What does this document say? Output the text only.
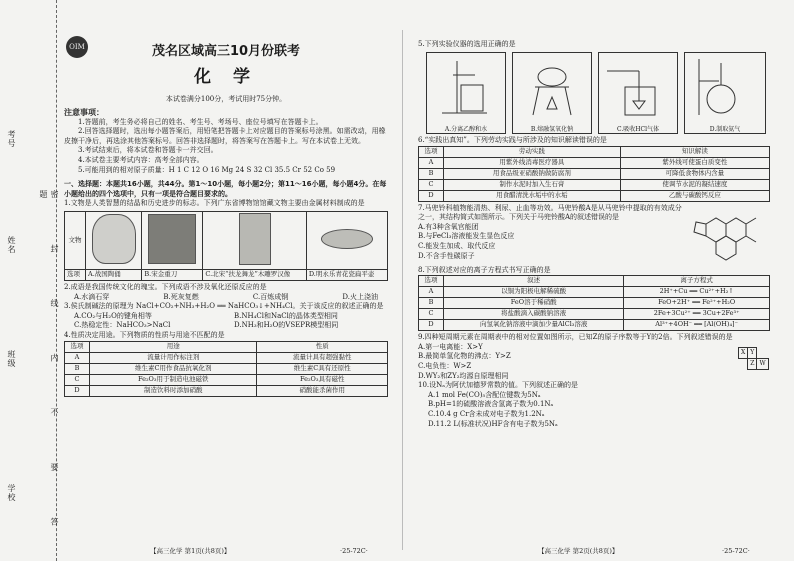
考号
姓名
班级
学校	密 封 线 内 不 要 答 题
OIM	茂名区域高三10月份联考
化 学
本试卷满分100分，考试用时75分钟。

注意事项：

1.答题前，考生务必将自己的姓名、考生号、考场号、座位号填写在答题卡上。

2.回答选择题时，选出每小题答案后，用铅笔把答题卡上对应题目的答案标号涂黑。如需改动，用橡皮擦干净后，再选涂其他答案标号。回答非选择题时，将答案写在答题卡上。写在本试卷上无效。

3.考试结束后，将本试卷和答题卡一并交回。

4.本试卷主要考试内容：高考全部内容。

5.可能用到的相对原子质量：H 1 C 12 O 16 Mg 24 S 32 Cl 35.5 Cr 52 Co 59

一、选择题：本题共16小题，共44分。第1～10小题，每小题2分；第11～16小题，每小题4分。在每小题给出的四个选项中，只有一项是符合题目要求的。

1.文物是人类智慧的结晶和历史进步的标志。下列广东省博物馆馆藏文物主要由金属材料制成的是

文物				
选项	A.战国陶俑	B.宋金重刀	C.北宋“扶龙舞龙”木雕罗汉像	D.明永乐青花瓷扁平壶

2.成语是我国传统文化的瑰宝。下列成语不涉及氧化还原反应的是

A.水滴石穿	B.死灰复燃	C.百炼成钢	D.火上浇油

3.侯氏制碱法的原理为 NaCl+CO₂+NH₃+H₂O ══ NaHCO₃↓+NH₄Cl。关于该反应的叙述正确的是

A.CO₂与H₂O的键角相等	B.NH₄Cl和NaCl的晶体类型相同

C.热稳定性：NaHCO₃>NaCl	D.NH₃和H₂O的VSEPR模型相同

4.性质决定用途。下列物质的性质与用途不匹配的是

选项	用途	性质
A	流量计用作标注剂	流量计具有超强黏性
B	维生素C用作食品抗氧化剂	维生素C具有还原性
C	Fe₂O₃用于制造电池磁铁	Fe₂O₃具有磁性
D	制造饮料时添加硝酸	硝酸能杀菌作用
【高三化学 第1页(共8页)】	·25-72C·

5.下列实验仪器的选用正确的是

A.分离乙醇和水	B.熔融氢氧化钠	C.吸收HCl气体	D.制取氨气

6.“实践出真知”。下列劳动实践与所涉及的知识解读错误的是

选项	劳动实践	知识解读
A	用紫外线消毒医疗器具	紫外线可使蛋白质变性
B	用食品级亚硝酸钠做防腐剂	可降低食物体内含量
C	制作水泥时加入生石膏	使调节水泥的凝结速度
D	用食醋清洗水垢中的水垢	乙酸与碳酸钙反应

7.马兜铃科植物能清热、利尿、止血等功效。马兜铃酸A是从马兜铃中提取的有效成分之一，其结构简式如图所示。下列关于马兜铃酸A的叙述错误的是

A.有3种含氧官能团

B.与FeCl₃溶液能发生显色反应

C.能发生加成、取代反应

D.不含手性碳原子

8.下列叙述对应的离子方程式书写正确的是

选项	叙述	离子方程式
A	以铜为阳极电解稀硫酸	2H⁺+Cu ══ Cu²⁺+H₂↑
B	FeO溶于稀硝酸	FeO+2H⁺ ══ Fe²⁺+H₂O
C	将盐酸滴入碳酸钠溶液	2Fe+3Cu²⁺ ══ 3Cu+2Fe³⁺
D	向氢氧化钠溶液中滴加少量AlCl₃溶液	Al³⁺+4OH⁻ ══ [Al(OH)₄]⁻

9.四种短周期元素在周期表中的相对位置如图所示，已知Z的原子序数等于Y的2倍。下列叙述错误的是

A.第一电离能：X>Y

B.最简单氢化物的沸点：Y>Z

C.电负性：W>Z

D.WY₂和ZY₂均源自原理相同

X	Y	
	Z	W

10.设Nₐ为阿伏加德罗常数的值。下列叙述正确的是

A.1 mol Fe(CO)₅含配位键数为5Nₐ

B.pH=1的硫酸溶液含氢离子数为0.1Nₐ

C.10.4 g Cr含未成对电子数为1.2Nₐ

D.11.2 L(标准状况)HF含有电子数为5Nₐ

【高三化学 第2页(共8页)】	·25-72C·
